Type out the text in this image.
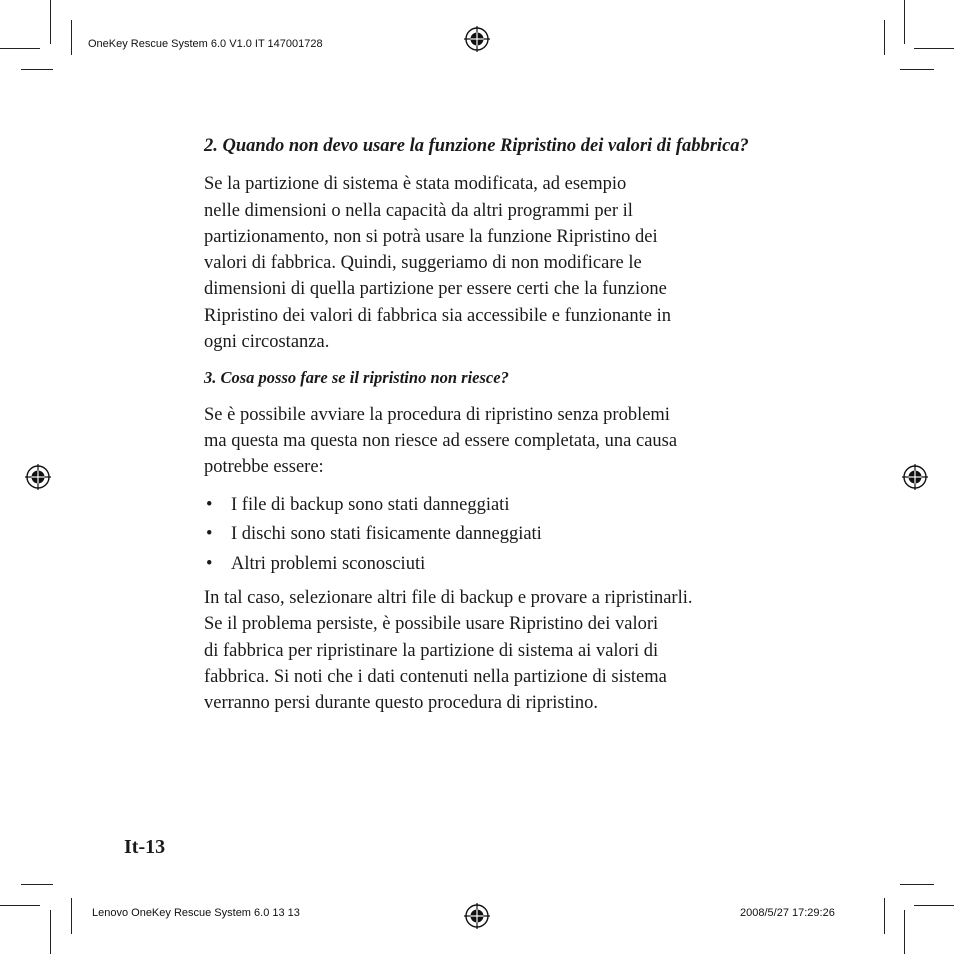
OneKey Rescue System 6.0 V1.0 IT 147001728
Lenovo OneKey Rescue System 6.0 13 13	2008/5/27 17:29:26

2. Quando non devo usare la funzione Ripristino dei valori di fabbrica?

Se la partizione di sistema è stata modificata, ad esempio
nelle dimensioni o nella capacità da altri programmi per il
partizionamento, non si potrà usare la funzione Ripristino dei
valori di fabbrica. Quindi, suggeriamo di non modificare le
dimensioni di quella partizione per essere certi che la funzione
Ripristino dei valori di fabbrica sia accessibile e funzionante in
ogni circostanza.

3. Cosa posso fare se il ripristino non riesce?

Se è possibile avviare la procedura di ripristino senza problemi
ma questa ma questa non riesce ad essere completata, una causa
potrebbe essere:

• I file di backup sono stati danneggiati
• I dischi sono stati fisicamente danneggiati
• Altri problemi sconosciuti

In tal caso, selezionare altri file di backup e provare a ripristinarli.
Se il problema persiste, è possibile usare Ripristino dei valori
di fabbrica per ripristinare la partizione di sistema ai valori di
fabbrica. Si noti che i dati contenuti nella partizione di sistema
verranno persi durante questo procedura di ripristino.

It-13
